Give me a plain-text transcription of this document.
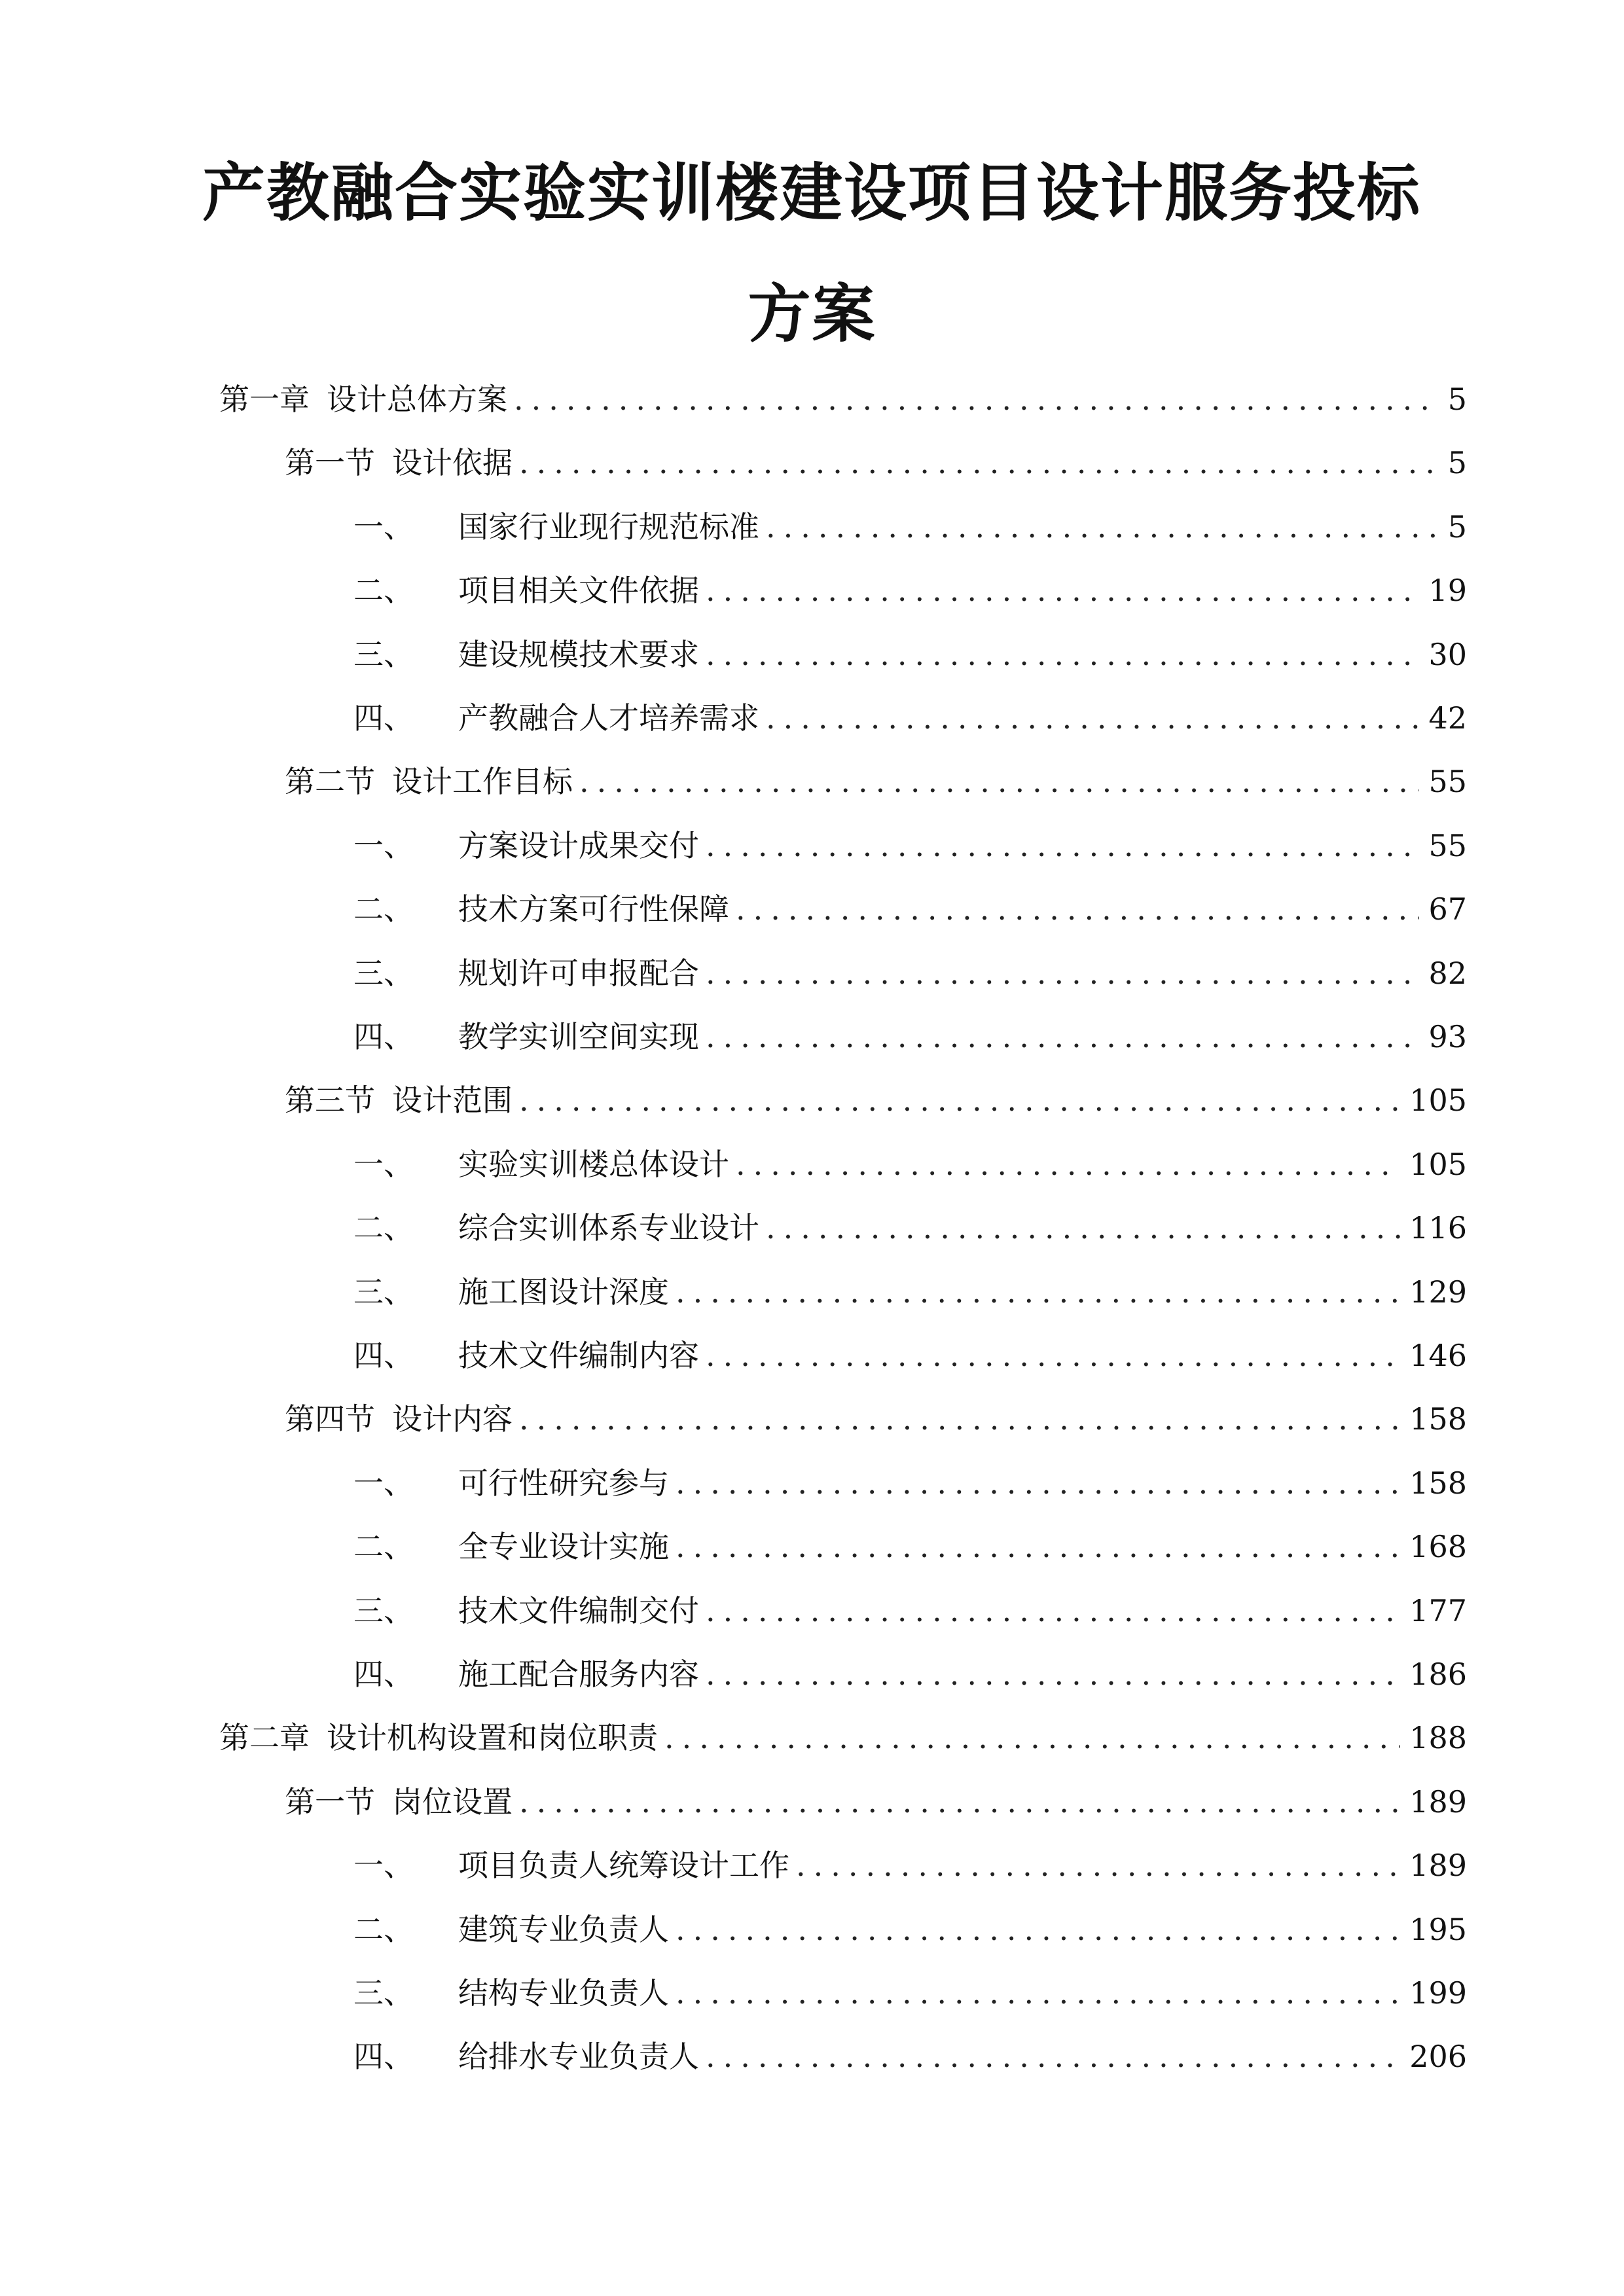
产教融合实验实训楼建设项目设计服务投标
方案
第一章 设计总体方案 .....	5
第一节 设计依据 .....	5
一、 国家行业现行规范标准 .....	5
二、 项目相关文件依据 .....	19
三、 建设规模技术要求 .....	30
四、 产教融合人才培养需求 .....	42
第二节 设计工作目标 .....	55
一、 方案设计成果交付 .....	55
二、 技术方案可行性保障 .....	67
三、 规划许可申报配合 .....	82
四、 教学实训空间实现 .....	93
第三节 设计范围 .....	105
一、 实验实训楼总体设计 .....	105
二、 综合实训体系专业设计 .....	116
三、 施工图设计深度 .....	129
四、 技术文件编制内容 .....	146
第四节 设计内容 .....	158
一、 可行性研究参与 .....	158
二、 全专业设计实施 .....	168
三、 技术文件编制交付 .....	177
四、 施工配合服务内容 .....	186
第二章 设计机构设置和岗位职责 .....	188
第一节 岗位设置 .....	189
一、 项目负责人统筹设计工作 .....	189
二、 建筑专业负责人 .....	195
三、 结构专业负责人 .....	199
四、 给排水专业负责人 .....	206
